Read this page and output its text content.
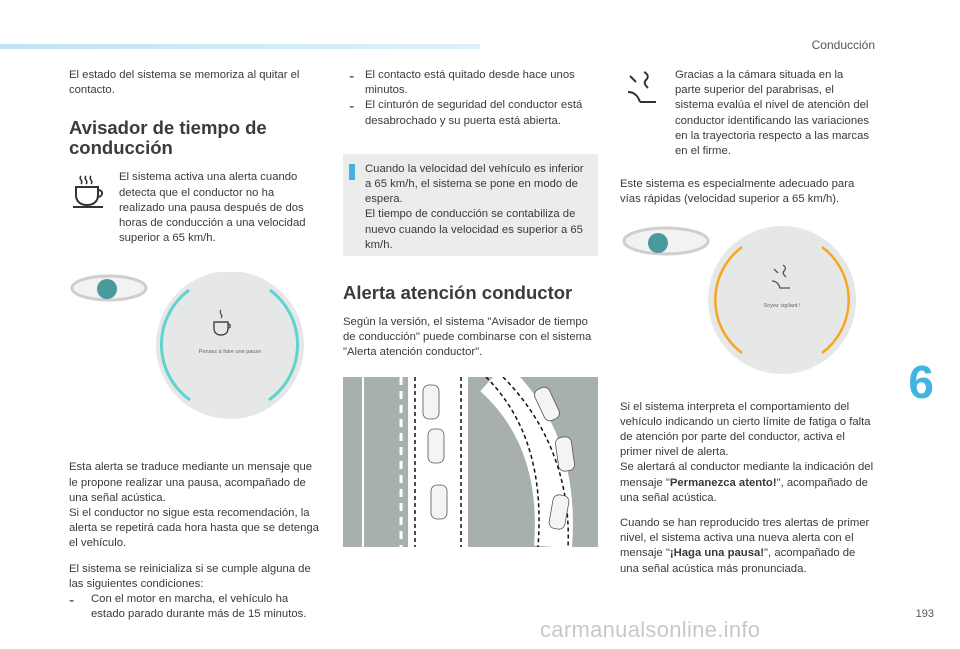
Conducción

El estado del sistema se memoriza al quitar el contacto.

Avisador de tiempo de conducción

El sistema activa una alerta cuando detecta que el conductor no ha realizado una pausa después de dos horas de conducción a una velocidad superior a 65 km/h.

Pensez à faire une pause

Esta alerta se traduce mediante un mensaje que le propone realizar una pausa, acompañado de una señal acústica.

Si el conductor no sigue esta recomendación, la alerta se repetirá cada hora hasta que se detenga el vehículo.

El sistema se reinicializa si se cumple alguna de las siguientes condiciones:

-	Con el motor en marcha, el vehículo ha estado parado durante más de 15 minutos.

- El contacto está quitado desde hace unos minutos.

- El cinturón de seguridad del conductor está desabrochado y su puerta está abierta.

Cuando la velocidad del vehículo es inferior a 65 km/h, el sistema se pone en modo de espera.

El tiempo de conducción se contabiliza de nuevo cuando la velocidad es superior a 65 km/h.

Alerta atención conductor

Según la versión, el sistema "Avisador de tiempo de conducción" puede combinarse con el sistema "Alerta atención conductor".

Gracias a la cámara situada en la parte superior del parabrisas, el sistema evalúa el nivel de atención del conductor identificando las variaciones en la trayectoria respecto a las marcas en el firme.

Este sistema es especialmente adecuado para vías rápidas (velocidad superior a 65 km/h).

Soyez vigilant !

Si el sistema interpreta el comportamiento del vehículo indicando un cierto límite de fatiga o falta de atención por parte del conductor, activa el primer nivel de alerta.

Se alertará al conductor mediante la indicación del mensaje "Permanezca atento!", acompañado de una señal acústica.

Cuando se han reproducido tres alertas de primer nivel, el sistema activa una nueva alerta con el mensaje "¡Haga una pausa!", acompañado de una señal acústica más pronunciada.

6
193
carmanualsonline.info
